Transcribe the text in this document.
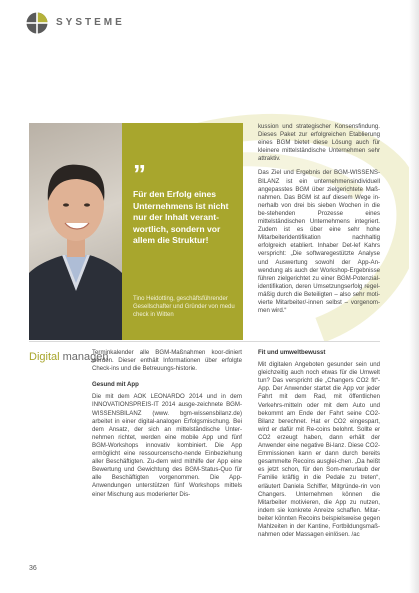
SYSTEME
”
Für den Erfolg eines Unternehmens ist nicht nur der Inhalt verant-wortlich, sondern vor allem die Struktur!
Tino Heidotting, geschäftsführender Gesellschafter und Gründer von medu check in Witten

kussion und strategischer Konsensfindung. Dieses Paket zur erfolgreichen Etablierung eines BGM bietet diese Lösung auch für kleinere mittelständische Unternehmen sehr attraktiv.

Das Ziel und Ergebnis der BGM-WISSENS-BILANZ ist ein unternehmensindividuell angepasstes BGM über zielgerichtete Maß-nahmen. Das BGM ist auf diesem Wege in-nerhalb von drei bis sieben Wochen in die be-stehenden Prozesse eines mittelständischen Unternehmens integriert. Zudem ist es über eine sehr hohe Mitarbeiteridentifikation nachhaltig erfolgreich etabliert. Inhaber Det-lef Kahrs verspricht: „Die softwaregestützte Analyse und Auswertung sowohl der App-An-wendung als auch der Workshop-Ergebnisse führen zielgerichtet zu einer BGM-Potenzial-identifikation, deren Umsetzungserfolg regel-mäßig durch die Beteiligten – also sehr moti-vierte Mitarbeiter/-innen selbst – vorgenom-men wird.“

Digital managen

Terminkalender alle BGM-Maßnahmen koor-diniert werden. Dieser enthält Informationen über erfolgte Check-ins und die Betreuungs-historie.

Gesund mit App

Die mit dem AOK LEONARDO 2014 und in dem INNOVATIONSPREIS-IT 2014 ausge-zeichnete BGM-WISSENSBILANZ (www. bgm-wissensbilanz.de) arbeitet in einer digital-analogen Erfolgsmischung. Bei dem Ansatz, der sich an mittelständische Unter-nehmen richtet, werden eine mobile App und fünf BGM-Workshops innovativ kombiniert. Die App ermöglicht eine ressourcenscho-nende Einbeziehung aller Beschäftigten. Zu-dem wird mithilfe der App eine Bewertung und Gewichtung des BGM-Status-Quo für alle Beschäftigten vorgenommen. Die App-Anwendungen unterstützen fünf Workshops mittels einer Mischung aus moderierter Dis-

Fit und umweltbewusst

Mit digitalen Angeboten gesunder sein und gleichzeitig auch noch etwas für die Umwelt tun? Das verspricht die „Changers CO2 fit“-App. Der Anwender startet die App vor jeder Fahrt mit dem Rad, mit öffentlichen Verkehrs-mitteln oder mit dem Auto und bekommt am Ende der Fahrt seine CO2-Bilanz berechnet. Hat er CO2 eingespart, wird er dafür mit Re-coins belohnt. Sollte er CO2 erzeugt haben, dann erhält der Anwender eine negative Bi-lanz. Diese CO2-Emmissionen kann er dann durch bereits gesammelte Recoins ausglei-chen. „Da heißt es jetzt schon, für den Som-merurlaub der Familie kräftig in die Pedale zu treten“, erläutert Daniela Schiffer, Mitgründe-rin von Changers. Unternehmen können die Mitarbeiter motivieren, die App zu nutzen, indem sie konkrete Anreize schaffen. Mitar-beiter könnten Recoins beispielsweise gegen Mahlzeiten in der Kantine, Fortbildungsmaß-nahmen oder Massagen einlösen. /ac

36
